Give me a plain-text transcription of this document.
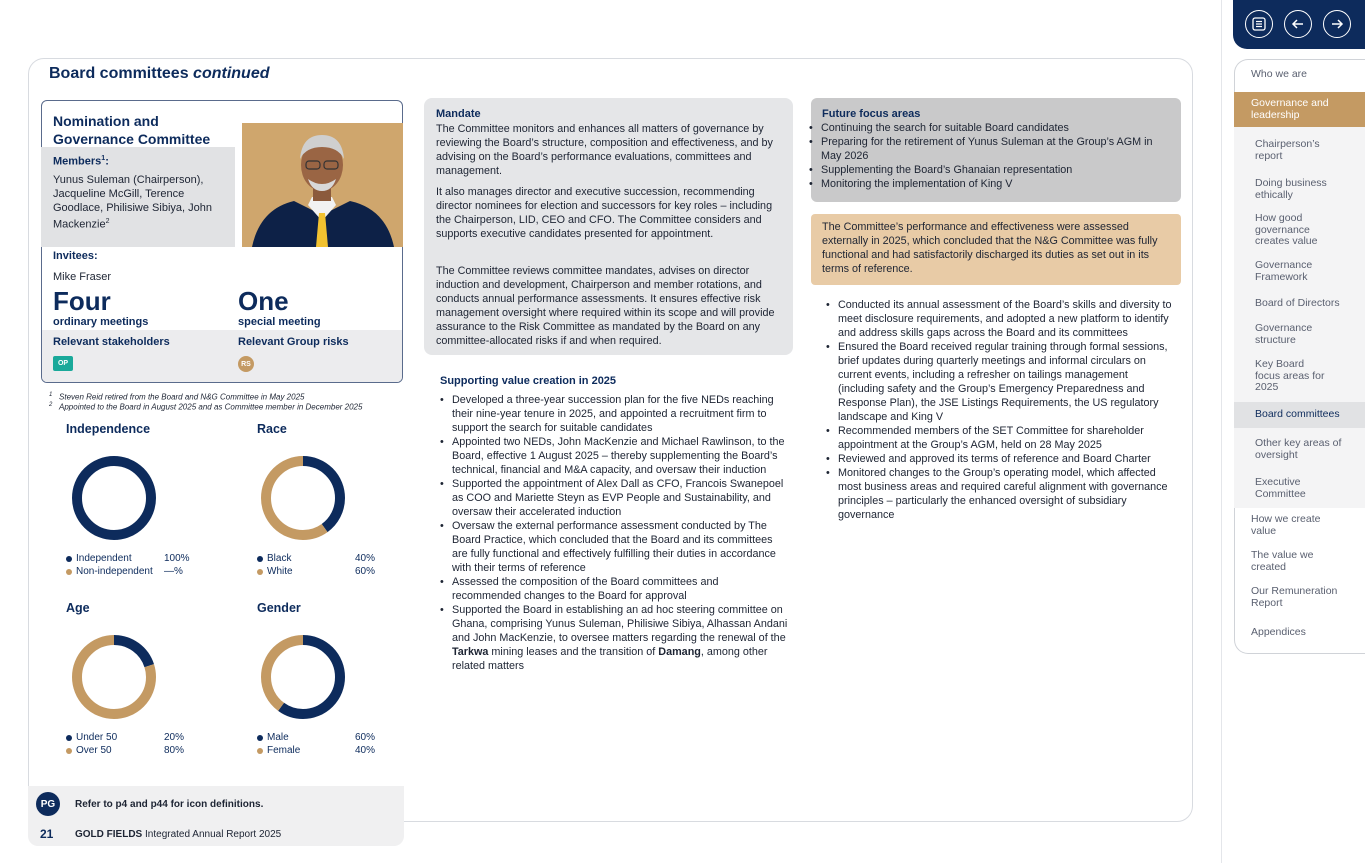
Board committees continued
Nomination and Governance Committee
Members$^1$:
Yunus Suleman (Chairperson), Jacqueline McGill, Terence Goodlace, Philisiwe Sibiya, John Mackenzie$^2$
Invitees:
Mike Fraser
Four
ordinary meetings
One
special meeting
Relevant stakeholders	Relevant Group risks
OP	RS
$^1$ Steven Reid retired from the Board and N&G Committee in May 2025
$^2$ Appointed to the Board in August 2025 and as Committee member in December 2025
Independence	Race
Age	Gender
Independent	100%
Non-independent	—%
Black	40%
White	60%
Under 50	20%
Over 50	80%
Male	60%
Female	40%
PG	Refer to p4 and p44 for icon definitions.
21 GOLD FIELDS Integrated Annual Report 2025
Mandate
The Committee monitors and enhances all matters of governance by reviewing the Board’s structure, composition and effectiveness, and by advising on the Board’s performance evaluations, committees and management.
It also manages director and executive succession, recommending director nominees for election and successors for key roles – including the Chairperson, LID, CEO and CFO. The Committee considers and supports executive candidates presented for appointment.
The Committee reviews committee mandates, advises on director induction and development, Chairperson and member rotations, and conducts annual performance assessments. It ensures effective risk management oversight where required within its scope and will provide assurance to the Risk Committee as mandated by the Board on any committee-allocated risks if and when required.
Supporting value creation in 2025
• Developed a three-year succession plan for the five NEDs reaching their nine-year tenure in 2025, and appointed a recruitment firm to support the search for suitable candidates
• Appointed two NEDs, John MacKenzie and Michael Rawlinson, to the Board, effective 1 August 2025 – thereby supplementing the Board’s technical, financial and M&A capacity, and oversaw their induction
• Supported the appointment of Alex Dall as CFO, Francois Swanepoel as COO and Mariette Steyn as EVP People and Sustainability, and oversaw their accelerated induction
• Oversaw the external performance assessment conducted by The Board Practice, which concluded that the Board and its committees are fully functional and effectively fulfilling their duties in accordance with their terms of reference
• Assessed the composition of the Board committees and recommended changes to the Board for approval
• Supported the Board in establishing an ad hoc steering committee on Ghana, comprising Yunus Suleman, Philisiwe Sibiya, Alhassan Andani and John MacKenzie, to oversee matters regarding the renewal of the Tarkwa mining leases and the transition of Damang, among other related matters
Future focus areas
• Continuing the search for suitable Board candidates
• Preparing for the retirement of Yunus Suleman at the Group’s AGM in May 2026
• Supplementing the Board’s Ghanaian representation
• Monitoring the implementation of King V
The Committee’s performance and effectiveness were assessed externally in 2025, which concluded that the N&G Committee was fully functional and had satisfactorily discharged its duties as set out in its terms of reference.
• Conducted its annual assessment of the Board’s skills and diversity to meet disclosure requirements, and adopted a new platform to identify and address skills gaps across the Board and its committees
• Ensured the Board received regular training through formal sessions, brief updates during quarterly meetings and informal circulars on current events, including a refresher on tailings management (including safety and the Group’s Emergency Preparedness and Response Plan), the JSE Listings Requirements, the US regulatory landscape and King V
• Recommended members of the SET Committee for shareholder appointment at the Group’s AGM, held on 28 May 2025
• Reviewed and approved its terms of reference and Board Charter
• Monitored changes to the Group’s operating model, which affected most business areas and required careful alignment with governance principles – particularly the enhanced oversight of subsidiary governance
Who we are
Governance and leadership
Chairperson’s report
Doing business ethically
How good governance creates value
Governance Framework
Board of Directors
Governance structure
Key Board focus areas for 2025
Board committees
Other key areas of oversight
Executive Committee
How we create value
The value we created
Our Remuneration Report
Appendices
